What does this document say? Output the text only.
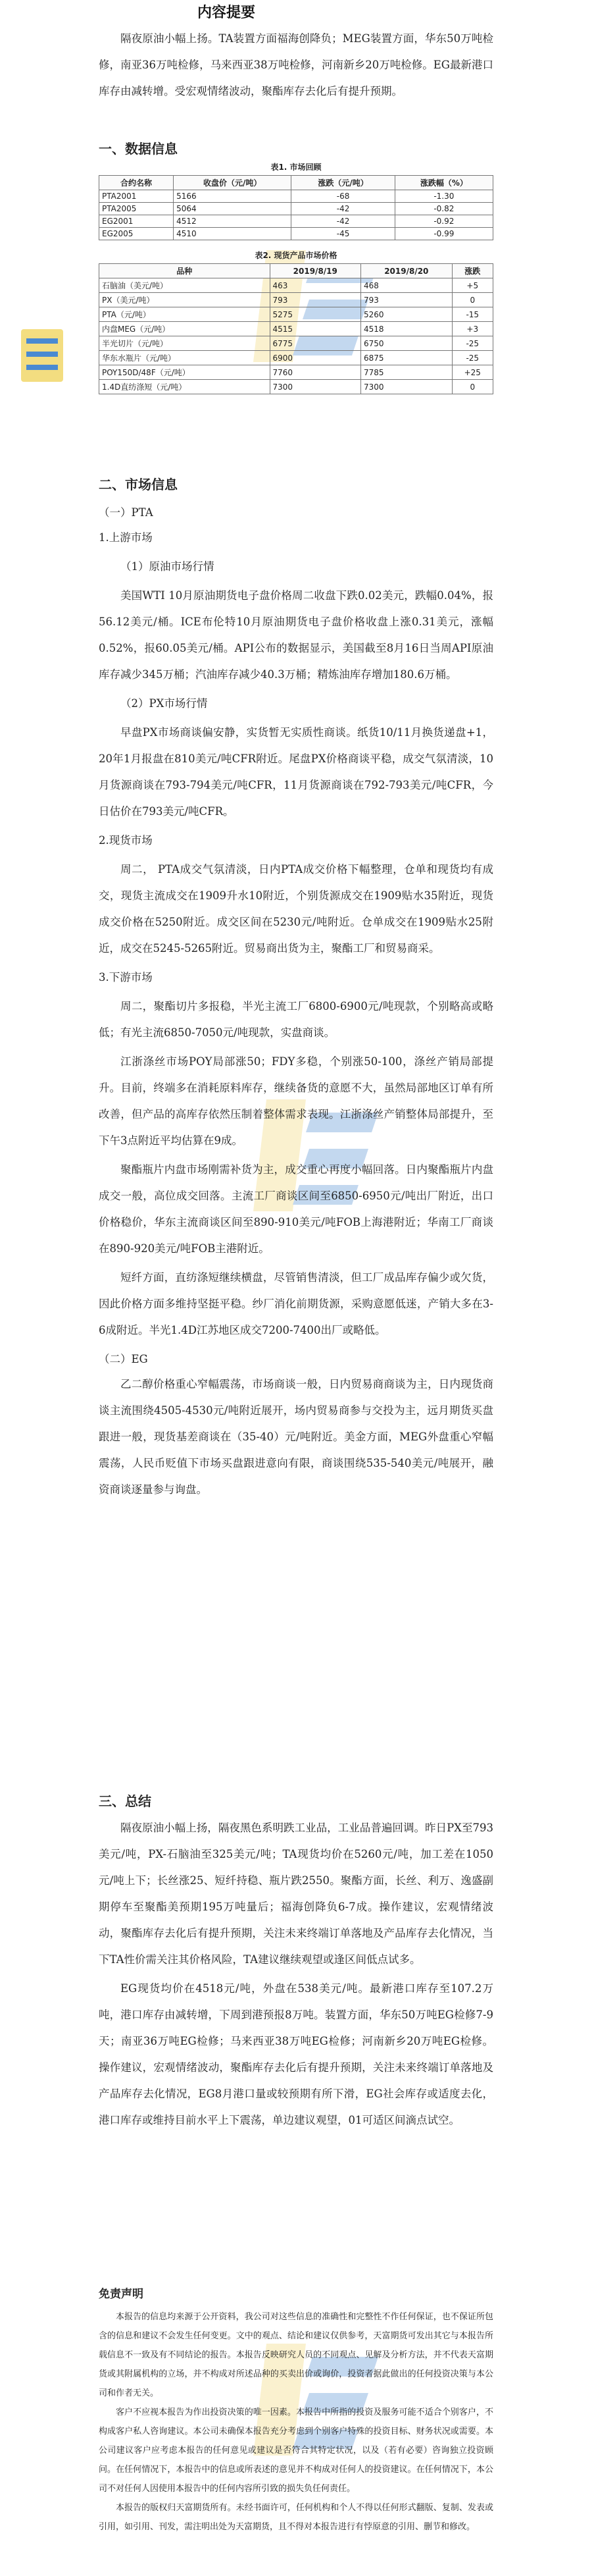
内容提要

隔夜原油小幅上扬。TA装置方面福海创降负；MEG装置方面，华东50万吨检修，南亚36万吨检修，马来西亚38万吨检修，河南新乡20万吨检修。EG最新港口库存由减转增。受宏观情绪波动，聚酯库存去化后有提升预期。

一、数据信息
表1. 市场回顾
合约名称	收盘价（元/吨）	涨跌（元/吨）	涨跌幅（%）
PTA2001	5166	-68	-1.30
PTA2005	5064	-42	-0.82
EG2001	4512	-42	-0.92
EG2005	4510	-45	-0.99
表2. 现货产品市场价格
品种	2019/8/19	2019/8/20	涨跌
石脑油（美元/吨）	463	468	+5
PX（美元/吨）	793	793	0
PTA（元/吨）	5275	5260	-15
内盘MEG（元/吨）	4515	4518	+3
半光切片（元/吨）	6775	6750	-25
华东水瓶片（元/吨）	6900	6875	-25
POY150D/48F（元/吨）	7760	7785	+25
1.4D直纺涤短（元/吨）	7300	7300	0
二、市场信息
（一）PTA

1.上游市场

（1）原油市场行情

美国WTI 10月原油期货电子盘价格周二收盘下跌0.02美元，跌幅0.04%，报56.12美元/桶。ICE布伦特10月原油期货电子盘价格收盘上涨0.31美元，涨幅0.52%，报60.05美元/桶。API公布的数据显示，美国截至8月16日当周API原油库存减少345万桶；汽油库存减少40.3万桶；精炼油库存增加180.6万桶。

（2）PX市场行情

早盘PX市场商谈偏安静，实货暂无实质性商谈。纸货10/11月换货递盘+1，20年1月报盘在810美元/吨CFR附近。尾盘PX价格商谈平稳，成交气氛清淡，10月货源商谈在793-794美元/吨CFR，11月货源商谈在792-793美元/吨CFR，今日估价在793美元/吨CFR。

2.现货市场

周二， PTA成交气氛清淡，日内PTA成交价格下幅整理，仓单和现货均有成交，现货主流成交在1909升水10附近，个别货源成交在1909贴水35附近，现货成交价格在5250附近。成交区间在5230元/吨附近。仓单成交在1909贴水25附近，成交在5245-5265附近。贸易商出货为主，聚酯工厂和贸易商采。

3.下游市场

周二，聚酯切片多报稳，半光主流工厂6800-6900元/吨现款，个别略高或略低；有光主流6850-7050元/吨现款，实盘商谈。

江浙涤丝市场POY局部涨50；FDY多稳，个别涨50-100，涤丝产销局部提升。目前，终端多在消耗原料库存，继续备货的意愿不大，虽然局部地区订单有所改善，但产品的高库存依然压制着整体需求表现。江浙涤丝产销整体局部提升，至下午3点附近平均估算在9成。

聚酯瓶片内盘市场刚需补货为主，成交重心再度小幅回落。日内聚酯瓶片内盘成交一般，高位成交回落。主流工厂商谈区间至6850-6950元/吨出厂附近，出口价格稳价，华东主流商谈区间至890-910美元/吨FOB上海港附近；华南工厂商谈在890-920美元/吨FOB主港附近。

短纤方面，直纺涤短继续横盘，尽管销售清淡，但工厂成品库存偏少或欠货，因此价格方面多维持坚挺平稳。纱厂消化前期货源，采购意愿低迷，产销大多在3-6成附近。半光1.4D江苏地区成交7200-7400出厂或略低。

（二）EG

乙二醇价格重心窄幅震荡，市场商谈一般，日内贸易商商谈为主，日内现货商谈主流围绕4505-4530元/吨附近展开，场内贸易商参与交投为主，远月期货买盘跟进一般，现货基差商谈在（35-40）元/吨附近。美金方面，MEG外盘重心窄幅震荡，人民币贬值下市场买盘跟进意向有限，商谈围绕535-540美元/吨展开，融资商谈逐量参与询盘。

三、总结

隔夜原油小幅上扬，隔夜黑色系明跌工业品，工业品普遍回调。昨日PX至793美元/吨，PX-石脑油至325美元/吨；TA现货均价在5260元/吨，加工差在1050元/吨上下；长丝涨25、短纤持稳、瓶片跌2550。聚酯方面，长丝、利万、逸盛副期停车至聚酯美预期195万吨量后；福海创降负6-7成。操作建议，宏观情绪波动，聚酯库存去化后有提升预期，关注未来终端订单落地及产品库存去化情况，当下TA性价需关注其价格风险，TA建议继续观望或逢区间低点试多。

EG现货均价在4518元/吨，外盘在538美元/吨。最新港口库存至107.2万吨，港口库存由减转增，下周到港预报8万吨。装置方面，华东50万吨EG检修7-9天；南亚36万吨EG检修；马来西亚38万吨EG检修；河南新乡20万吨EG检修。操作建议，宏观情绪波动，聚酯库存去化后有提升预期，关注未来终端订单落地及产品库存去化情况，EG8月港口量或较预期有所下滑，EG社会库存或适度去化，港口库存或维持目前水平上下震荡，单边建议观望，01可适区间滴点试空。

免责声明

本报告的信息均来源于公开资料，我公司对这些信息的准确性和完整性不作任何保证，也不保证所包含的信息和建议不会发生任何变更。文中的观点、结论和建议仅供参考，天富期货可发出其它与本报告所载信息不一致及有不同结论的报告。本报告反映研究人员的不同观点、见解及分析方法，并不代表天富期货或其附属机构的立场，并不构成对所述品种的买卖出价或询价，投资者据此做出的任何投资决策与本公司和作者无关。

客户不应视本报告为作出投资决策的唯一因素。本报告中所指的投资及服务可能不适合个别客户，不构成客户私人咨询建议。本公司未确保本报告充分考虑到个别客户特殊的投资目标、财务状况或需要。本公司建议客户应考虑本报告的任何意见或建议是否符合其特定状况，以及（若有必要）咨询独立投资顾问。在任何情况下，本报告中的信息或所表述的意见并不构成对任何人的投资建议。在任何情况下，本公司不对任何人因使用本报告中的任何内容所引致的损失负任何责任。

本报告的版权归天富期货所有。未经书面许可，任何机构和个人不得以任何形式翻版、复制、发表或引用，如引用、刊发，需注明出处为天富期货，且不得对本报告进行有悖原意的引用、删节和修改。
